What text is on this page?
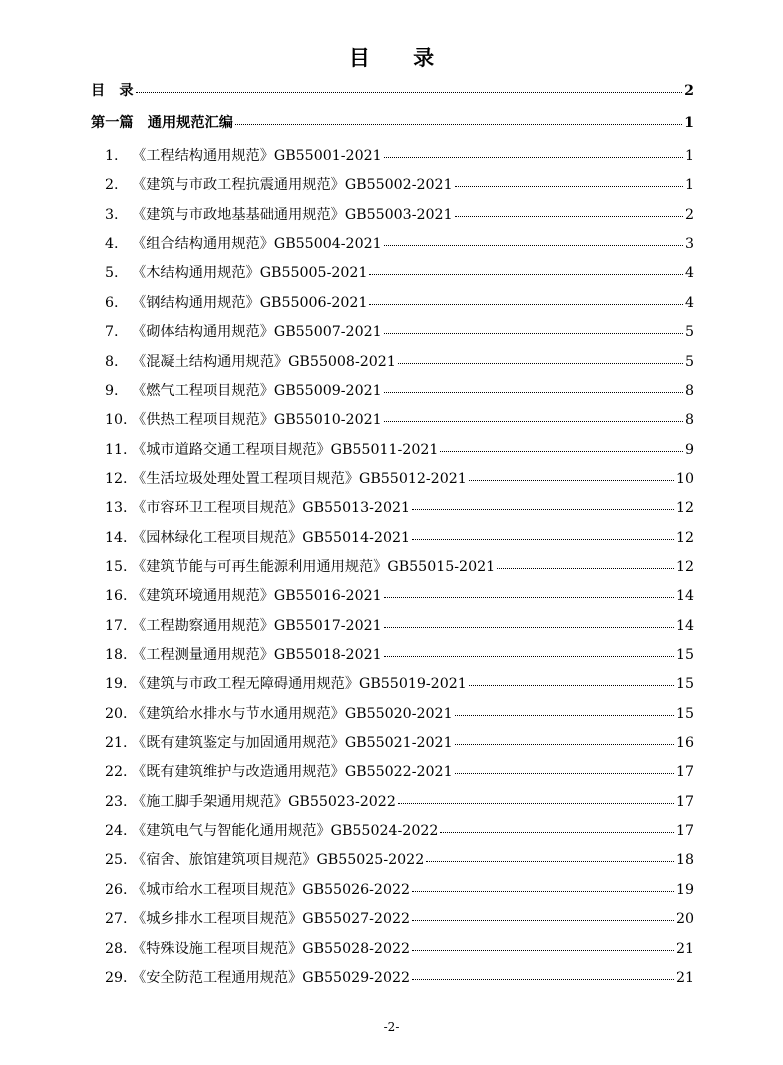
目 录
目　录	2
第一篇　通用规范汇编	1
1. 《工程结构通用规范》GB55001-2021	1
2. 《建筑与市政工程抗震通用规范》GB55002-2021	1
3. 《建筑与市政地基基础通用规范》GB55003-2021	2
4. 《组合结构通用规范》GB55004-2021	3
5. 《木结构通用规范》GB55005-2021	4
6. 《钢结构通用规范》GB55006-2021	4
7. 《砌体结构通用规范》GB55007-2021	5
8. 《混凝土结构通用规范》GB55008-2021	5
9. 《燃气工程项目规范》GB55009-2021	8
10. 《供热工程项目规范》GB55010-2021	8
11. 《城市道路交通工程项目规范》GB55011-2021	9
12. 《生活垃圾处理处置工程项目规范》GB55012-2021	10
13. 《市容环卫工程项目规范》GB55013-2021	12
14. 《园林绿化工程项目规范》GB55014-2021	12
15. 《建筑节能与可再生能源利用通用规范》GB55015-2021	12
16. 《建筑环境通用规范》GB55016-2021	14
17. 《工程勘察通用规范》GB55017-2021	14
18. 《工程测量通用规范》GB55018-2021	15
19. 《建筑与市政工程无障碍通用规范》GB55019-2021	15
20. 《建筑给水排水与节水通用规范》GB55020-2021	15
21. 《既有建筑鉴定与加固通用规范》GB55021-2021	16
22. 《既有建筑维护与改造通用规范》GB55022-2021	17
23. 《施工脚手架通用规范》GB55023-2022	17
24. 《建筑电气与智能化通用规范》GB55024-2022	17
25. 《宿舍、旅馆建筑项目规范》GB55025-2022	18
26. 《城市给水工程项目规范》GB55026-2022	19
27. 《城乡排水工程项目规范》GB55027-2022	20
28. 《特殊设施工程项目规范》GB55028-2022	21
29. 《安全防范工程通用规范》GB55029-2022	21
-2-
